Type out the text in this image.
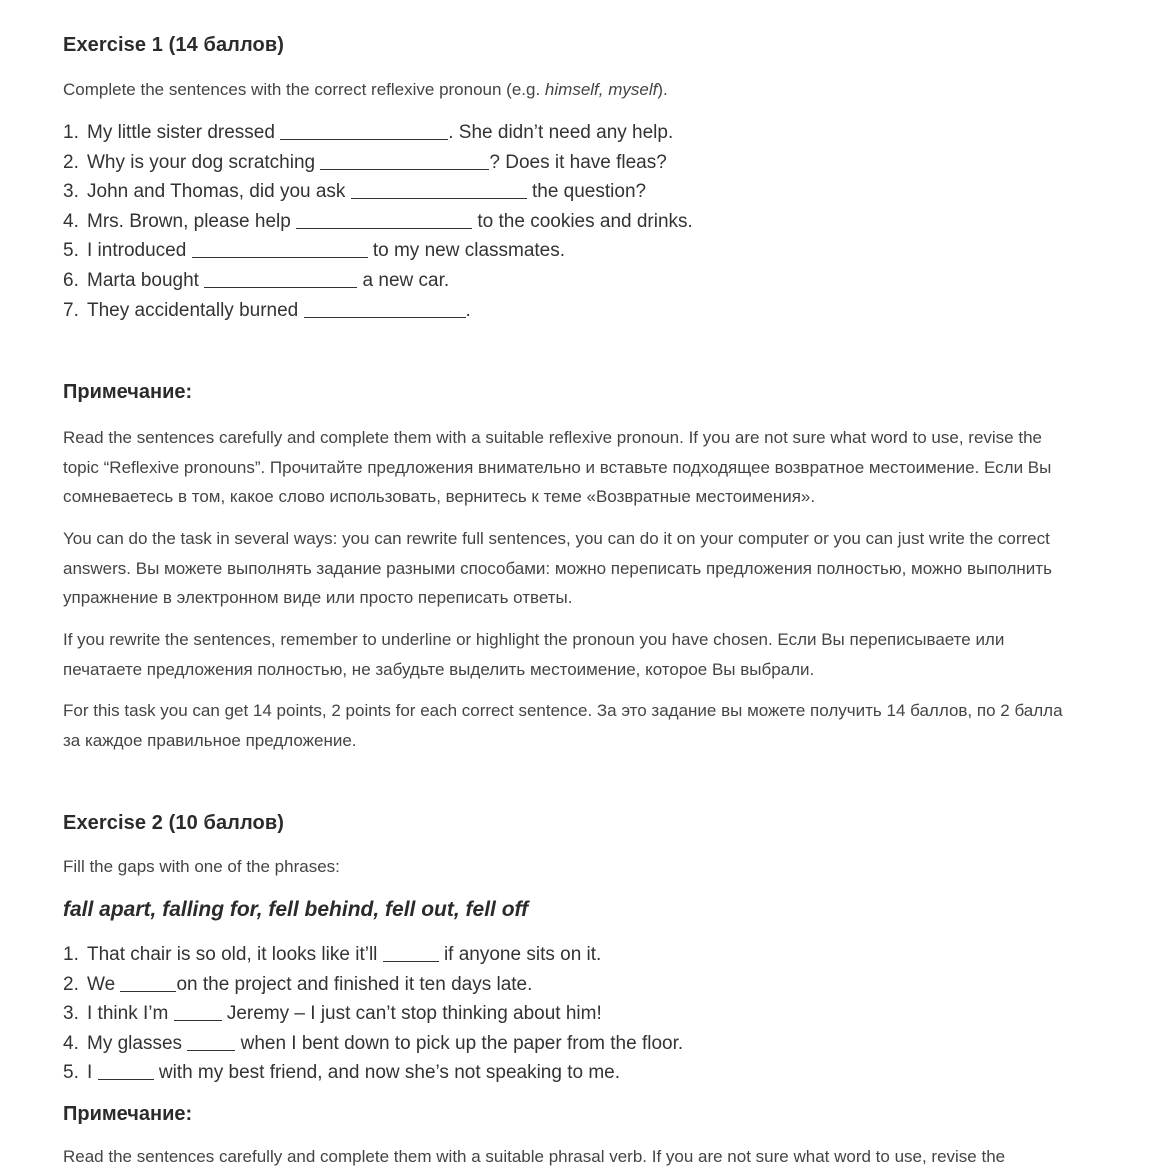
Exercise 1 (14 баллов)

Complete the sentences with the correct reflexive pronoun (e.g. himself, myself).

1. My little sister dressed	. She didn’t need any help.
2. Why is your dog scratching	? Does it have fleas?
3. John and Thomas, did you ask	the question?
4. Mrs. Brown, please help	to the cookies and drinks.
5. I introduced	to my new classmates.
6. Marta bought	a new car.
7. They accidentally burned	.
Примечание:

Read the sentences carefully and complete them with a suitable reflexive pronoun. If you are not sure what word to use, revise the topic “Reflexive pronouns”. Прочитайте предложения внимательно и вставьте подходящее возвратное местоимение. Если Вы сомневаетесь в том, какое слово использовать, вернитесь к теме «Возвратные местоимения».

You can do the task in several ways: you can rewrite full sentences, you can do it on your computer or you can just write the correct answers. Вы можете выполнять задание разными способами: можно переписать предложения полностью, можно выполнить упражнение в электронном виде или просто переписать ответы.

If you rewrite the sentences, remember to underline or highlight the pronoun you have chosen. Если Вы переписываете или печатаете предложения полностью, не забудьте выделить местоимение, которое Вы выбрали.

For this task you can get 14 points, 2 points for each correct sentence. За это задание вы можете получить 14 баллов, по 2 балла за каждое правильное предложение.

Exercise 2 (10 баллов)

Fill the gaps with one of the phrases:

fall apart, falling for, fell behind, fell out, fell off

1. That chair is so old, it looks like it’ll	if anyone sits on it.
2. We	on the project and finished it ten days late.
3. I think I’m	Jeremy – I just can’t stop thinking about him!
4. My glasses	when I bent down to pick up the paper from the floor.
5. I	with my best friend, and now she’s not speaking to me.
Примечание:

Read the sentences carefully and complete them with a suitable phrasal verb. If you are not sure what word to use, revise the
